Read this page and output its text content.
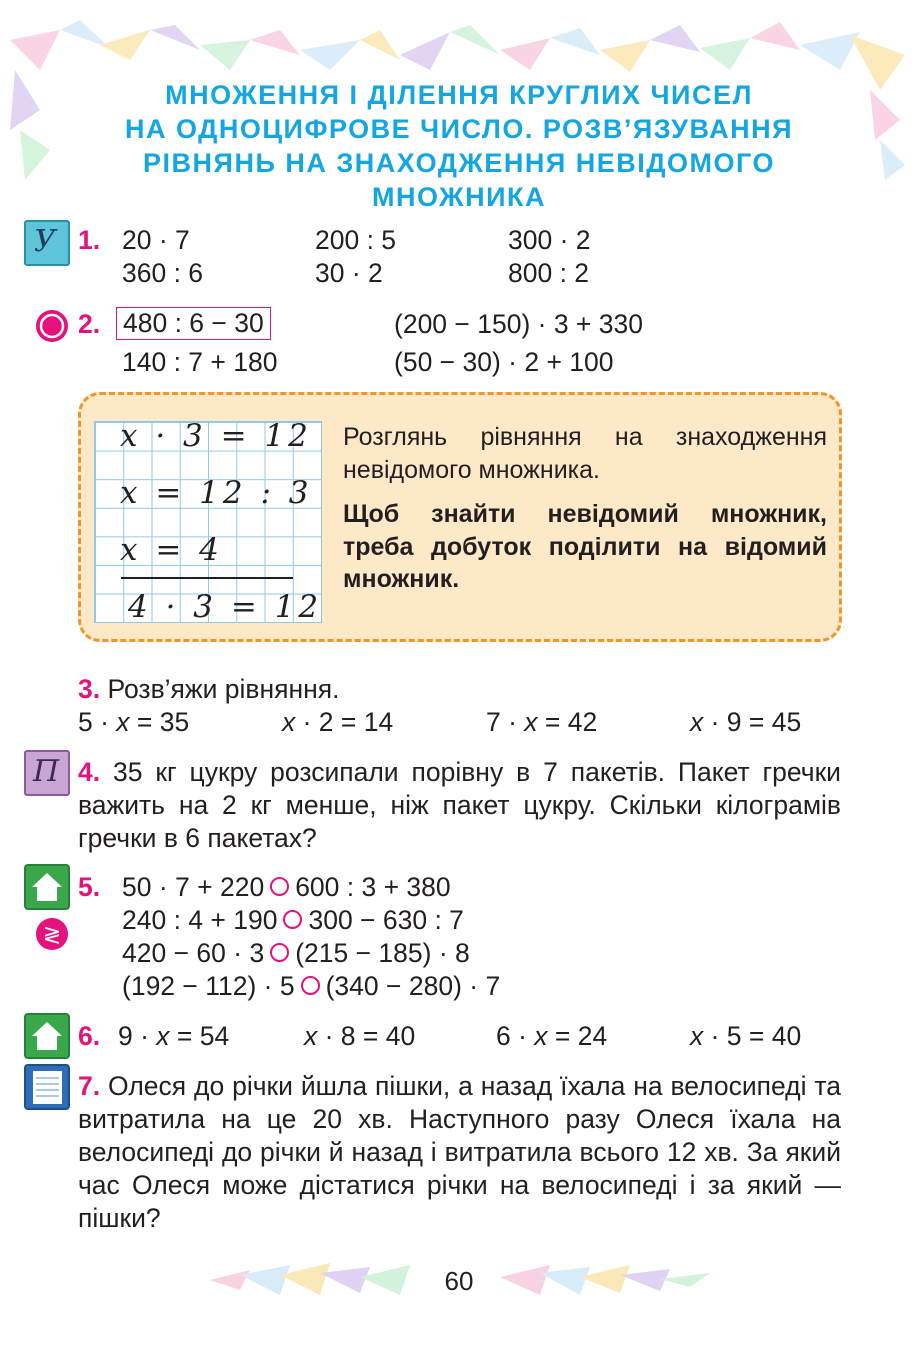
МНОЖЕННЯ І ДІЛЕННЯ КРУГЛИХ ЧИСЕЛ
НА ОДНОЦИФРОВЕ ЧИСЛО. РОЗВ’ЯЗУВАННЯ
РІВНЯНЬ НА ЗНАХОДЖЕННЯ НЕВІДОМОГО
МНОЖНИКА
У 1. 20 · 7	200 : 5	300 · 2
360 : 6	30 · 2	800 : 2
2. 480 : 6 − 30	(200 − 150) · 3 + 330
140 : 7 + 180	(50 − 30) · 2 + 100
x · 3 = 12
x = 12 : 3
x = 4
4 · 3 = 12
Розглянь рівняння на знаходження невідомого множника.
Щоб знайти невідомий множник, треба добуток поділити на відомий множник.
3. Розв’яжи рівняння.
5 · x = 35	x · 2 = 14	7 · x = 42	x · 9 = 45
П 4. 35 кг цукру розсипали порівну в 7 пакетів. Пакет гречки важить на 2 кг менше, ніж пакет цукру. Скільки кілограмів гречки в 6 пакетах?
≷
5. 50 · 7 + 220 600 : 3 + 380
240 : 4 + 190 300 − 630 : 7
420 − 60 · 3 (215 − 185) · 8
(192 − 112) · 5 (340 − 280) · 7
6. 9 · x = 54	x · 8 = 40	6 · x = 24	x · 5 = 40
7. Олеся до річки йшла пішки, а назад їхала на велосипеді та витратила на це 20 хв. Наступного разу Олеся їхала на велосипеді до річки й назад і витратила всього 12 хв. За який час Олеся може дістатися річки на велосипеді і за який — пішки?
60
